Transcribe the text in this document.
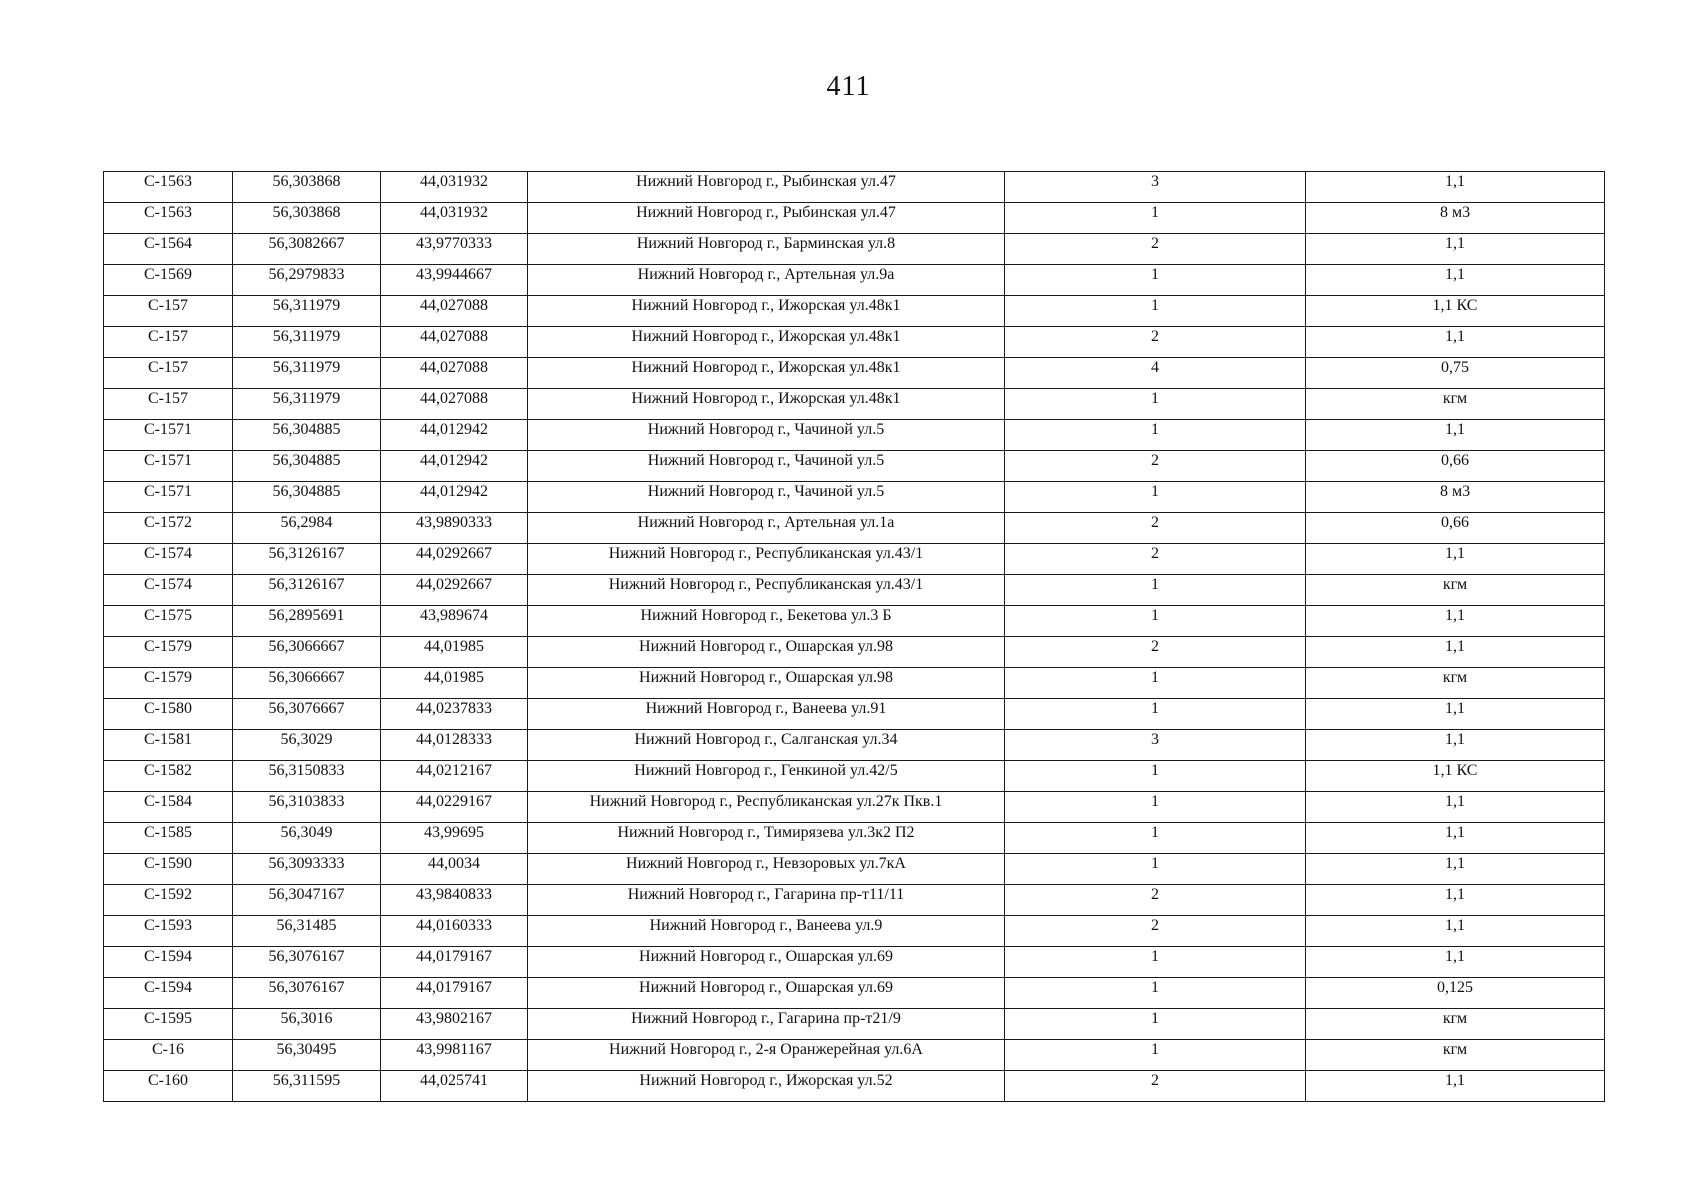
411
С-1563	56,303868	44,031932	Нижний Новгород г., Рыбинская ул.47	3	1,1
С-1563	56,303868	44,031932	Нижний Новгород г., Рыбинская ул.47	1	8 м3
С-1564	56,3082667	43,9770333	Нижний Новгород г., Барминская ул.8	2	1,1
С-1569	56,2979833	43,9944667	Нижний Новгород г., Артельная ул.9а	1	1,1
С-157	56,311979	44,027088	Нижний Новгород г., Ижорская ул.48к1	1	1,1 КС
С-157	56,311979	44,027088	Нижний Новгород г., Ижорская ул.48к1	2	1,1
С-157	56,311979	44,027088	Нижний Новгород г., Ижорская ул.48к1	4	0,75
С-157	56,311979	44,027088	Нижний Новгород г., Ижорская ул.48к1	1	кгм
С-1571	56,304885	44,012942	Нижний Новгород г., Чачиной ул.5	1	1,1
С-1571	56,304885	44,012942	Нижний Новгород г., Чачиной ул.5	2	0,66
С-1571	56,304885	44,012942	Нижний Новгород г., Чачиной ул.5	1	8 м3
С-1572	56,2984	43,9890333	Нижний Новгород г., Артельная ул.1а	2	0,66
С-1574	56,3126167	44,0292667	Нижний Новгород г., Республиканская ул.43/1	2	1,1
С-1574	56,3126167	44,0292667	Нижний Новгород г., Республиканская ул.43/1	1	кгм
С-1575	56,2895691	43,989674	Нижний Новгород г., Бекетова ул.3 Б	1	1,1
С-1579	56,3066667	44,01985	Нижний Новгород г., Ошарская ул.98	2	1,1
С-1579	56,3066667	44,01985	Нижний Новгород г., Ошарская ул.98	1	кгм
С-1580	56,3076667	44,0237833	Нижний Новгород г., Ванеева ул.91	1	1,1
С-1581	56,3029	44,0128333	Нижний Новгород г., Салганская ул.34	3	1,1
С-1582	56,3150833	44,0212167	Нижний Новгород г., Генкиной ул.42/5	1	1,1 КС
С-1584	56,3103833	44,0229167	Нижний Новгород г., Республиканская ул.27к Пкв.1	1	1,1
С-1585	56,3049	43,99695	Нижний Новгород г., Тимирязева ул.3к2 П2	1	1,1
С-1590	56,3093333	44,0034	Нижний Новгород г., Невзоровых ул.7кА	1	1,1
С-1592	56,3047167	43,9840833	Нижний Новгород г., Гагарина пр-т11/11	2	1,1
С-1593	56,31485	44,0160333	Нижний Новгород г., Ванеева ул.9	2	1,1
С-1594	56,3076167	44,0179167	Нижний Новгород г., Ошарская ул.69	1	1,1
С-1594	56,3076167	44,0179167	Нижний Новгород г., Ошарская ул.69	1	0,125
С-1595	56,3016	43,9802167	Нижний Новгород г., Гагарина пр-т21/9	1	кгм
С-16	56,30495	43,9981167	Нижний Новгород г., 2-я Оранжерейная ул.6А	1	кгм
С-160	56,311595	44,025741	Нижний Новгород г., Ижорская ул.52	2	1,1
